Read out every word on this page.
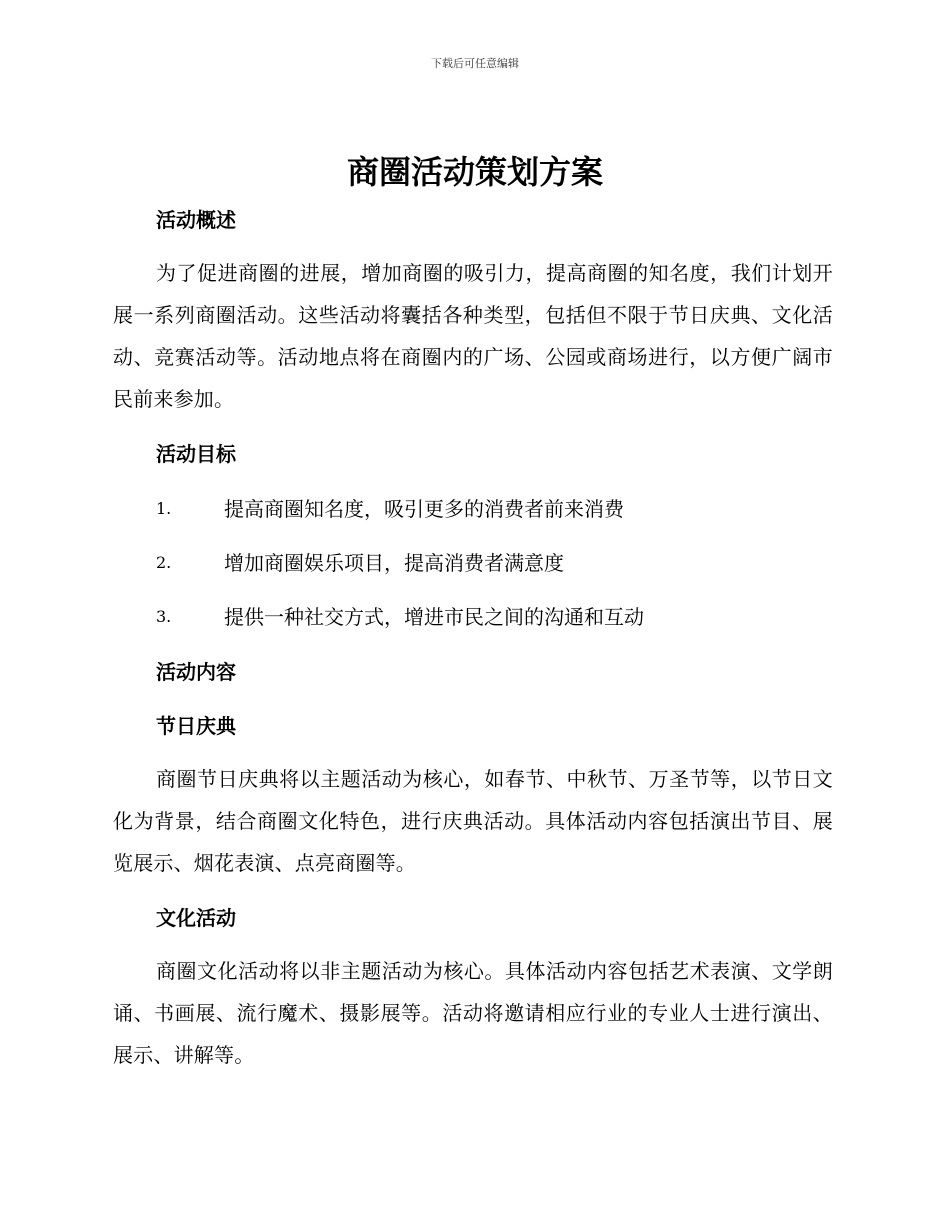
下载后可任意编辑
商圈活动策划方案
活动概述

为了促进商圈的进展，增加商圈的吸引力，提高商圈的知名度，我们计划开展一系列商圈活动。这些活动将囊括各种类型，包括但不限于节日庆典、文化活动、竞赛活动等。活动地点将在商圈内的广场、公园或商场进行，以方便广阔市民前来参加。

活动目标
1.	提高商圈知名度，吸引更多的消费者前来消费
2.	增加商圈娱乐项目，提高消费者满意度
3.	提供一种社交方式，增进市民之间的沟通和互动
活动内容
节日庆典

商圈节日庆典将以主题活动为核心，如春节、中秋节、万圣节等，以节日文化为背景，结合商圈文化特色，进行庆典活动。具体活动内容包括演出节目、展览展示、烟花表演、点亮商圈等。

文化活动

商圈文化活动将以非主题活动为核心。具体活动内容包括艺术表演、文学朗诵、书画展、流行魔术、摄影展等。活动将邀请相应行业的专业人士进行演出、展示、讲解等。
